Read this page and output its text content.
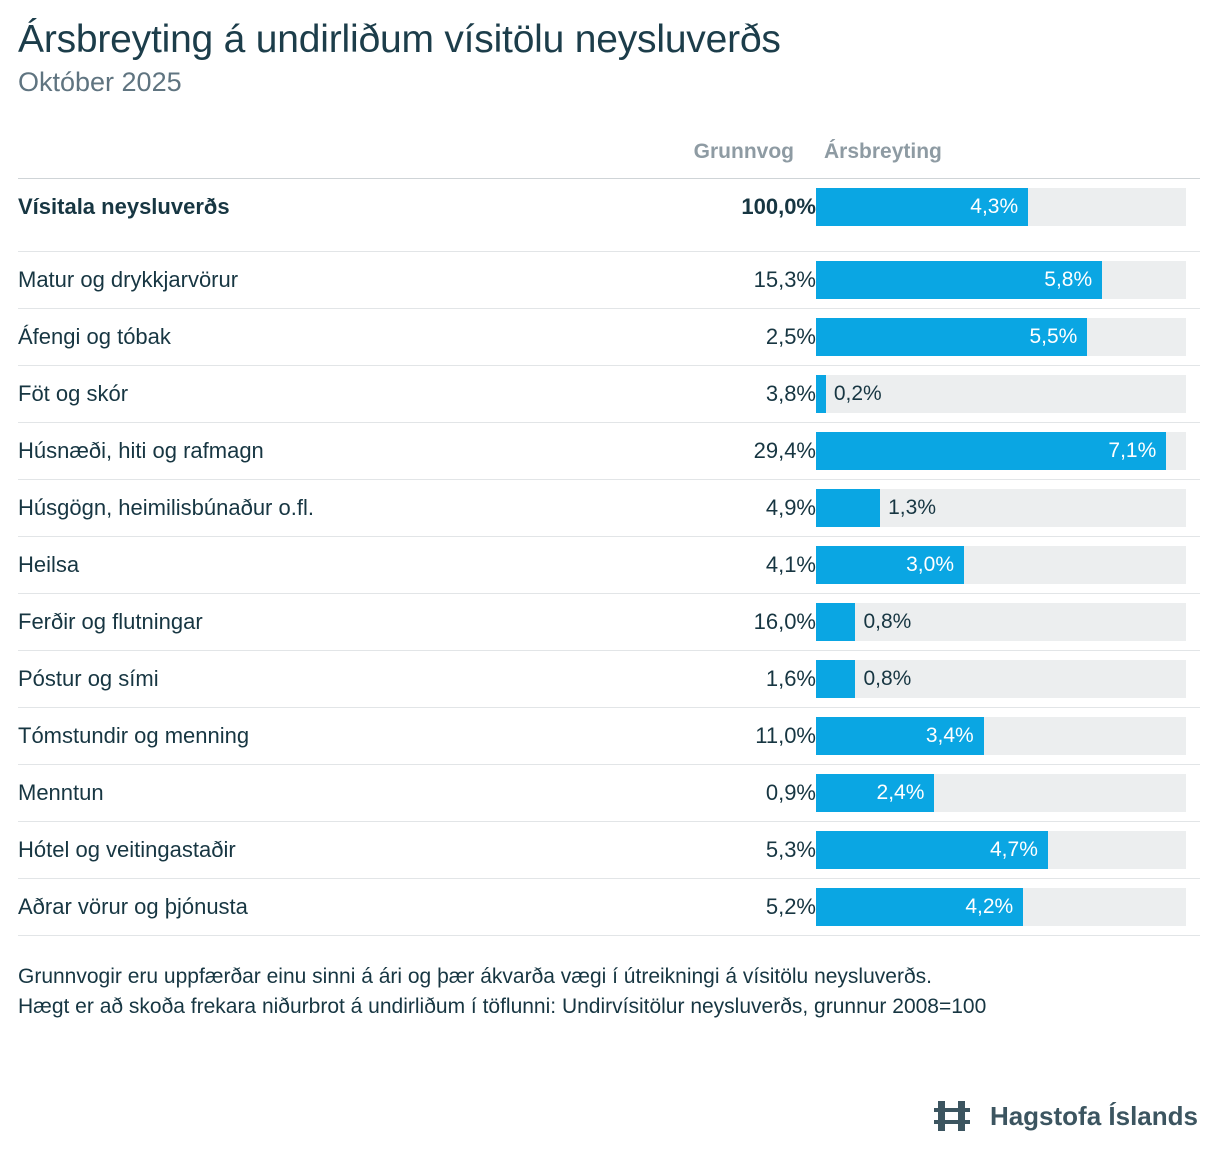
Ársbreyting á undirliðum vísitölu neysluverðs
Október 2025
	Grunnvog	Ársbreyting
Vísitala neysluverðs	100,0%	4,3%

Matur og drykkjarvörur	15,3%	5,8%

Áfengi og tóbak	2,5%	5,5%

Föt og skór	3,8%	0,2%

Húsnæði, hiti og rafmagn	29,4%	7,1%

Húsgögn, heimilisbúnaður o.fl.	4,9%	1,3%

Heilsa	4,1%	3,0%

Ferðir og flutningar	16,0%	0,8%

Póstur og sími	1,6%	0,8%

Tómstundir og menning	11,0%	3,4%

Menntun	0,9%	2,4%

Hótel og veitingastaðir	5,3%	4,7%

Aðrar vörur og þjónusta	5,2%	4,2%
Grunnvogir eru uppfærðar einu sinni á ári og þær ákvarða vægi í útreikningi á vísitölu neysluverðs.
Hægt er að skoða frekara niðurbrot á undirliðum í töflunni: Undirvísitölur neysluverðs, grunnur 2008=100
Hagstofa Íslands
